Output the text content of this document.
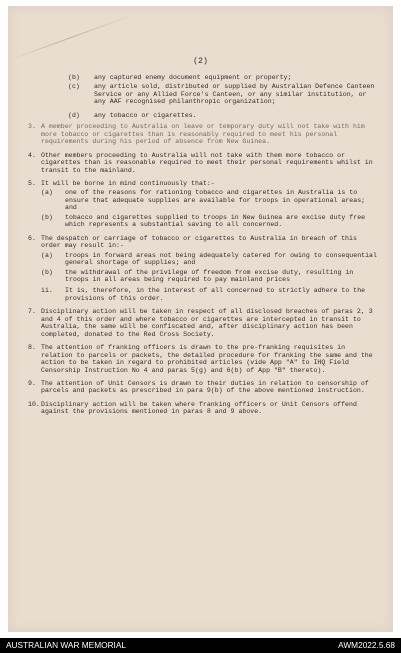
(2)
(b) any captured enemy document equipment or property;
(c) any article sold, distributed or supplied by Australian Defence Canteen Service or any Allied Force's Canteen, or any similar institution, or any AAF recognised philanthropic organization;
(d) any tobacco or cigarettes.
3. A member proceeding to Australia on leave or temporary duty will not take with him more tobacco or cigarettes than is reasonably required to meet his personal requirements during his period of absence from New Guinea.
4. Other members proceeding to Australia will not take with them more tobacco or cigarettes than is reasonable required to meet their personal requirements whilst in transit to the mainland.
5. It will be borne in mind continuously that:-
(a) one of the reasons for rationing tobacco and cigarettes in Australia is to ensure that adequate supplies are available for troops in operational areas; and
(b) tobacco and cigarettes supplied to troops in New Guinea are excise duty free which represents a substantial saving to all concerned.
6. The despatch or carriage of tobacco or cigarettes to Australia in breach of this order may result in:-
(a) troops in forward areas not being adequately catered for owing to consequential general shortage of supplies; and
(b) the withdrawal of the privilege of freedom from excise duty, resulting in troops in all areas being required to pay mainland prices
ii. It is, therefore, in the interest of all concerned to strictly adhere to the provisions of this order.
7. Disciplinary action will be taken in respect of all disclosed breaches of paras 2, 3 and 4 of this order and where tobacco or cigarettes are intercepted in transit to Australia, the same will be confiscated and, after disciplinary action has been completed, donated to the Red Cross Society.
8. The attention of franking officers is drawn to the pre-franking requisites in relation to parcels or packets, the detailed procedure for franking the same and the action to be taken in regard to prohibited articles (vide App "A" to IHQ Field Censorship Instruction No 4 and paras 5(g) and 6(b) of App "B" thereto).
9. The attention of Unit Censors is drawn to their duties in relation to censorship of parcels and packets as prescribed in para 9(b) of the above mentioned instruction.
10. Disciplinary action will be taken where franking officers or Unit Censors offend against the provisions mentioned in paras 8 and 9 above.
AUSTRALIAN WAR MEMORIAL	AWM2022.5.68
